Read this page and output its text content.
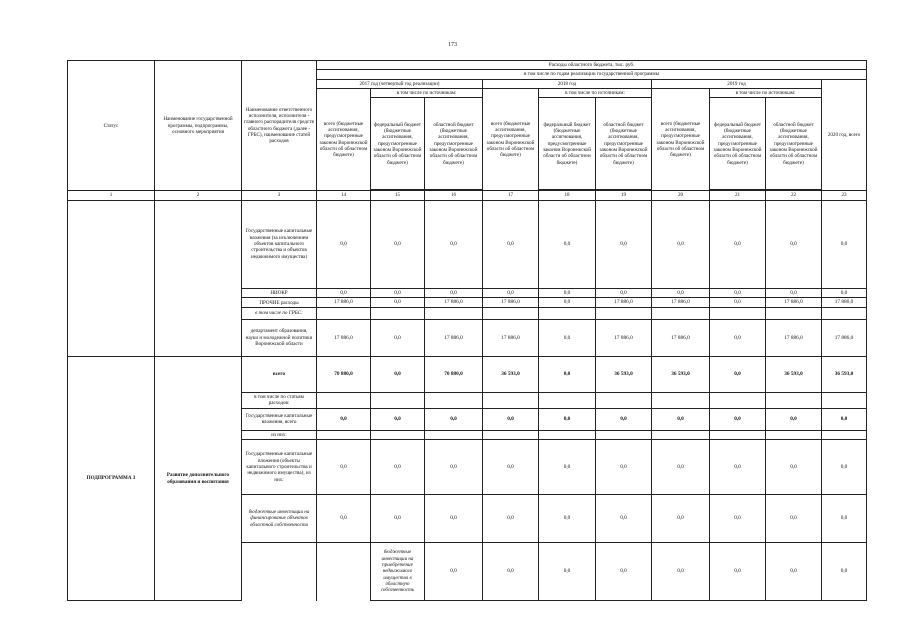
173
Статус	Наименование государственной программы, подпрограммы, основного мероприятия	Наименование ответственного исполнителя, исполнителя - главного распорядителя средств областного бюджета (далее - ГРБС), наименование статей расходов	Расходы областного бюджета, тыс. руб.										
			в том числе по годам реализации государственной программы										
			2017 год (четвертый год реализации)			2018 год			2019 год			2020 год, всего	
			всего (бюджетные ассигнования, предусмотренные законом Воронежской области об областном бюджете)	в том числе по источникам:		всего (бюджетные ассигнования, предусмотренные законом Воронежской области об областном бюджете)	в том числе по источникам:		всего (бюджетные ассигнования, предусмотренные законом Воронежской области об областном бюджете)	в том числе по источникам:			
				федеральный бюджет (бюджетные ассигнования, предусмотренные законом Воронежской области об областном бюджете)	областной бюджет (бюджетные ассигнования, предусмотренные законом Воронежской области об областном бюджете)		федеральный бюджет (бюджетные ассигнования, предусмотренные законом Воронежской области об областном бюджете)	областной бюджет (бюджетные ассигнования, предусмотренные законом Воронежской области об областном бюджете)		федеральный бюджет (бюджетные ассигнования, предусмотренные законом Воронежской области об областном бюджете)	областной бюджет (бюджетные ассигнования, предусмотренные законом Воронежской области об областном бюджете)		

1	2	3	14	15	16	17	18	19	20	21	22	23	
		Государственные капитальные вложения (за исключением объектов капитального строительства и объектов недвижимого имущества)	0,0	0,0	0,0	0,0	0,0	0,0	0,0	0,0	0,0	0,0	
		НИОКР	0,0	0,0	0,0	0,0	0,0	0,0	0,0	0,0	0,0	0,0	
		ПРОЧИЕ расходы	17 886,0	0,0	17 886,0	17 886,0	0,0	17 886,0	17 886,0	0,0	17 886,0	17 886,0	
		в том числе по ГРБС:											
		департамент образования, науки и молодежной политики Воронежской области	17 886,0	0,0	17 886,0	17 886,0	0,0	17 886,0	17 886,0	0,0	17 886,0	17 886,0	
ПОДПРОГРАММА 3	Развитие дополнительного образования и воспитания	всего	70 880,0	0,0	70 880,0	36 593,0	0,0	36 593,0	36 593,0	0,0	36 593,0	36 593,0	
		в том числе по статьям расходов:											
		Государственные капитальные вложения, всего	0,0	0,0	0,0	0,0	0,0	0,0	0,0	0,0	0,0	0,0	
		из них:											
		Государственные капитальные вложения (объекты капитального строительства и недвижимого имущества), из них:	0,0	0,0	0,0	0,0	0,0	0,0	0,0	0,0	0,0	0,0	
		бюджетные инвестиции на финансирование объектов областной собственности	0,0	0,0	0,0	0,0	0,0	0,0	0,0	0,0	0,0	0,0	
				бюджетные инвестиции на приобретение недвижимого имущества в областную собственность	0,0	0,0	0,0	0,0	0,0	0,0	0,0	0,0		
